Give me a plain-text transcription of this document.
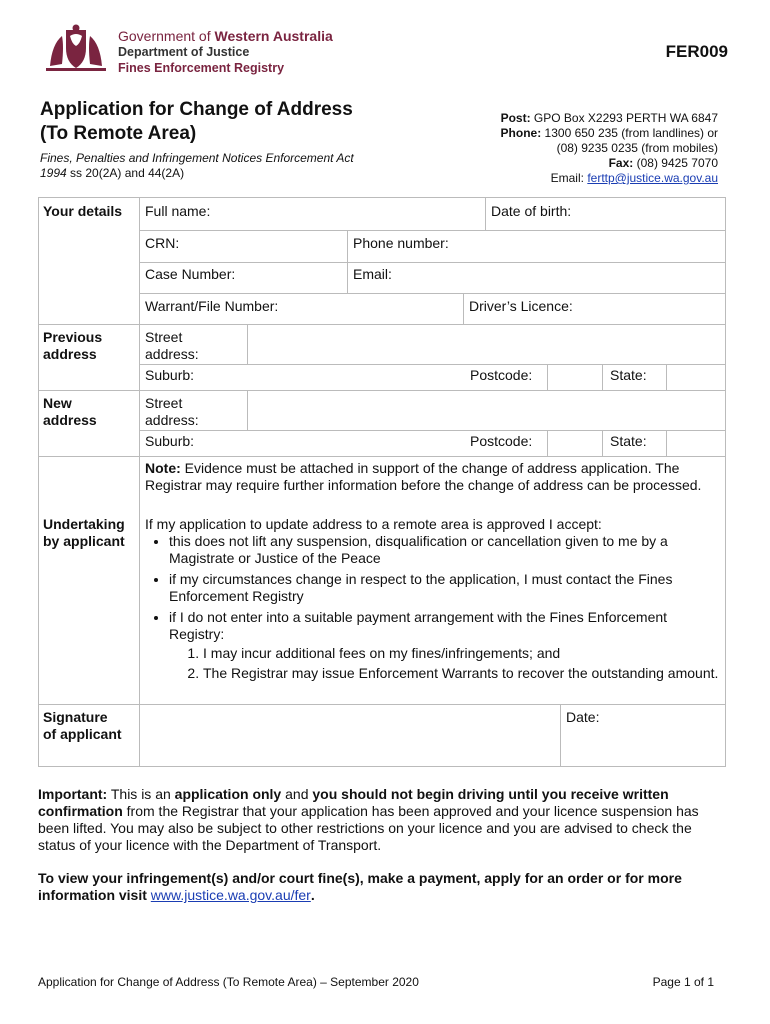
Government of Western Australia
Department of Justice
Fines Enforcement Registry
FER009
Application for Change of Address
(To Remote Area)
Fines, Penalties and Infringement Notices Enforcement Act
1994 ss 20(2A) and 44(2A)
Post: GPO Box X2293 PERTH WA 6847
Phone: 1300 650 235 (from landlines) or
(08) 9235 0235 (from mobiles)
Fax: (08) 9425 7070
Email: ferttp@justice.wa.gov.au
Your details Full name:	Date of birth:
CRN:	Phone number:
Case Number:	Email:
Warrant/File Number:	Driver’s Licence:
Previous
address
Street
address:
Suburb:	Postcode:	State:
New
address
Street
address:
Suburb:	Postcode:	State:
Note: Evidence must be attached in support of the change of address application. The Registrar may require further information before the change of address can be processed.
Undertaking
by applicant
If my application to update address to a remote area is approved I accept:
• this does not lift any suspension, disqualification or cancellation given to me by a Magistrate or Justice of the Peace
• if my circumstances change in respect to the application, I must contact the Fines Enforcement Registry
• if I do not enter into a suitable payment arrangement with the Fines Enforcement Registry:
1. I may incur additional fees on my fines/infringements; and
2. The Registrar may issue Enforcement Warrants to recover the outstanding amount.
Signature
of applicant
Date:
Important: This is an application only and you should not begin driving until you receive written confirmation from the Registrar that your application has been approved and your licence suspension has been lifted. You may also be subject to other restrictions on your licence and you are advised to check the status of your licence with the Department of Transport.
To view your infringement(s) and/or court fine(s), make a payment, apply for an order or for more information visit www.justice.wa.gov.au/fer.
Application for Change of Address (To Remote Area) – September 2020	Page 1 of 1
